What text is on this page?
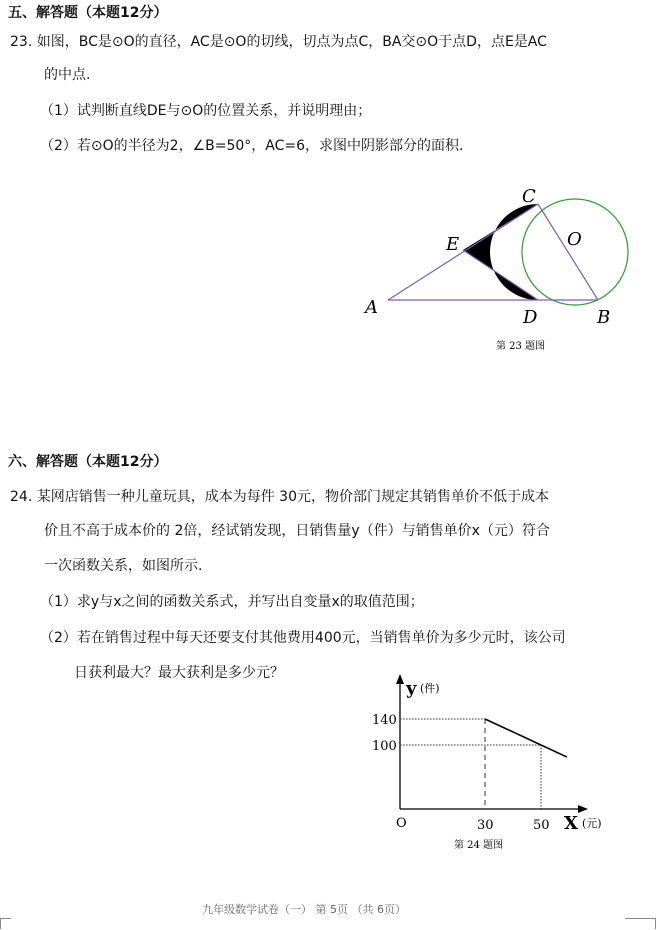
五、解答题（本题12分）
23. 如图，BC是⊙O的直径，AC是⊙O的切线，切点为点C，BA交⊙O于点D，点E是AC
的中点.
（1）试判断直线DE与⊙O的位置关系，并说明理由；
（2）若⊙O的半径为2，∠B=50°，AC=6，求图中阴影部分的面积.
A	B
C
D
E	O
第 23 题图
六、解答题（本题12分）
24. 某网店销售一种儿童玩具，成本为每件 30元，物价部门规定其销售单价不低于成本
价且不高于成本价的 2倍，经试销发现，日销售量y（件）与销售单价x（元）符合
一次函数关系，如图所示.
（1）求y与x之间的函数关系式，并写出自变量x的取值范围；
（2）若在销售过程中每天还要支付其他费用400元，当销售单价为多少元时，该公司
日获利最大？最大获利是多少元？
y (件)
X (元)
O
140
100
30	50
第 24 题图
九年级数学试卷（一） 第 5页 （共 6页）
